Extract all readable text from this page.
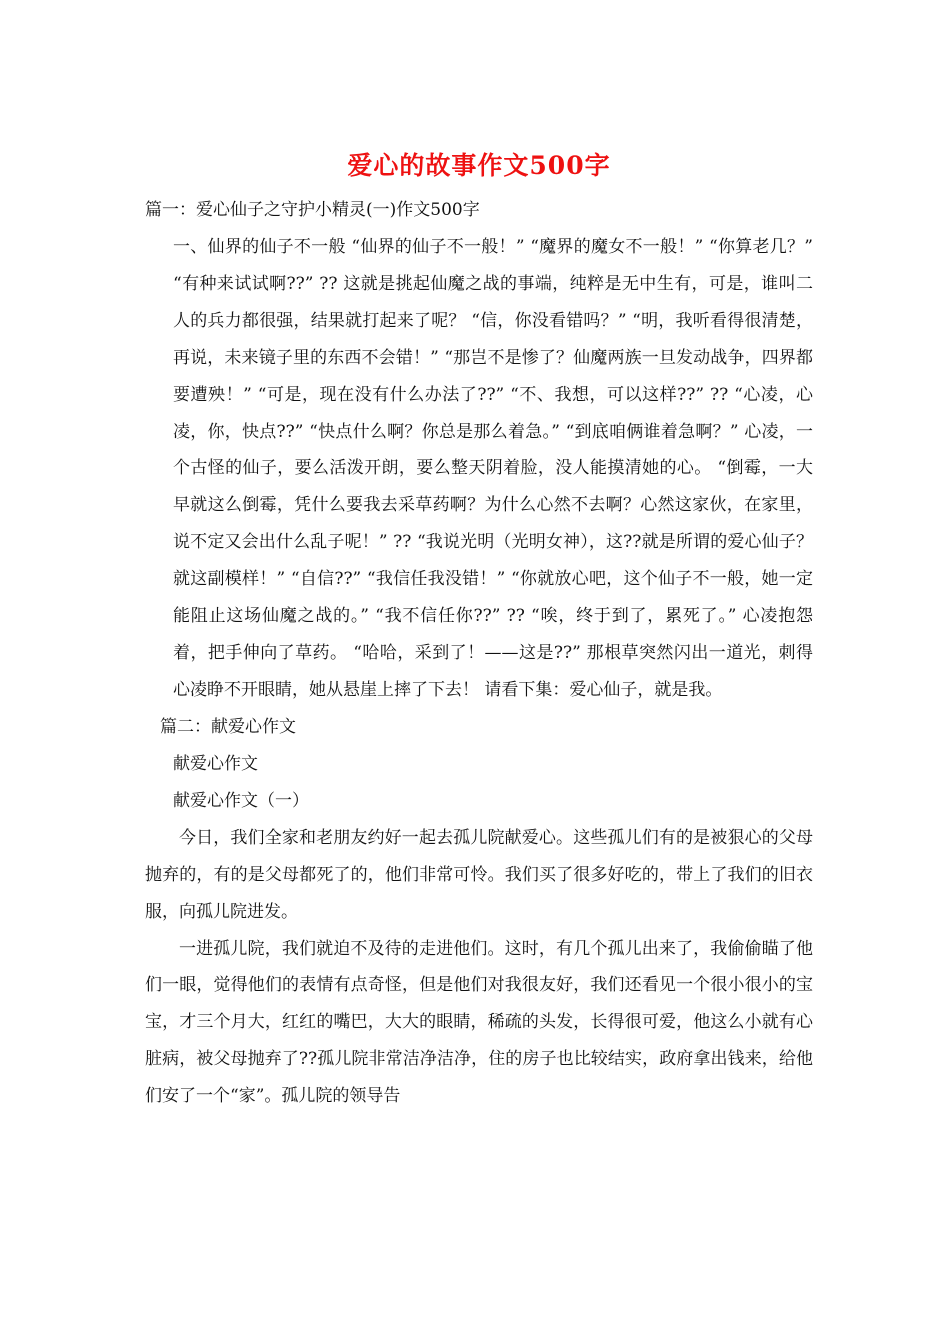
爱心的故事作文500字

篇一：爱心仙子之守护小精灵(一)作文500字

一、仙界的仙子不一般 “仙界的仙子不一般！” “魔界的魔女不一般！” “你算老几？” “有种来试试啊??” ?? 这就是挑起仙魔之战的事端，纯粹是无中生有，可是，谁叫二人的兵力都很强，结果就打起来了呢？ “信，你没看错吗？” “明，我听看得很清楚，再说，未来镜子里的东西不会错！” “那岂不是惨了？仙魔两族一旦发动战争，四界都要遭殃！” “可是，现在没有什么办法了??” “不、我想，可以这样??” ?? “心凌，心凌，你，快点??” “快点什么啊？你总是那么着急。” “到底咱俩谁着急啊？” 心凌，一个古怪的仙子，要么活泼开朗，要么整天阴着脸，没人能摸清她的心。 “倒霉，一大早就这么倒霉，凭什么要我去采草药啊？为什么心然不去啊？心然这家伙，在家里，说不定又会出什么乱子呢！” ?? “我说光明（光明女神），这??就是所谓的爱心仙子？就这副模样！” “自信??” “我信任我没错！” “你就放心吧，这个仙子不一般，她一定能阻止这场仙魔之战的。” “我不信任你??” ?? “唉，终于到了，累死了。” 心凌抱怨着，把手伸向了草药。 “哈哈，采到了！——这是??” 那根草突然闪出一道光，刺得心凌睁不开眼睛，她从悬崖上摔了下去！ 请看下集：爱心仙子，就是我。

篇二：献爱心作文

献爱心作文

献爱心作文（一）

今日，我们全家和老朋友约好一起去孤儿院献爱心。这些孤儿们有的是被狠心的父母抛弃的，有的是父母都死了的，他们非常可怜。我们买了很多好吃的，带上了我们的旧衣服，向孤儿院进发。

一进孤儿院，我们就迫不及待的走进他们。这时，有几个孤儿出来了，我偷偷瞄了他们一眼，觉得他们的表情有点奇怪，但是他们对我很友好，我们还看见一个很小很小的宝宝，才三个月大，红红的嘴巴，大大的眼睛，稀疏的头发，长得很可爱，他这么小就有心脏病，被父母抛弃了??孤儿院非常洁净洁净，住的房子也比较结实，政府拿出钱来，给他们安了一个“家”。孤儿院的领导告
